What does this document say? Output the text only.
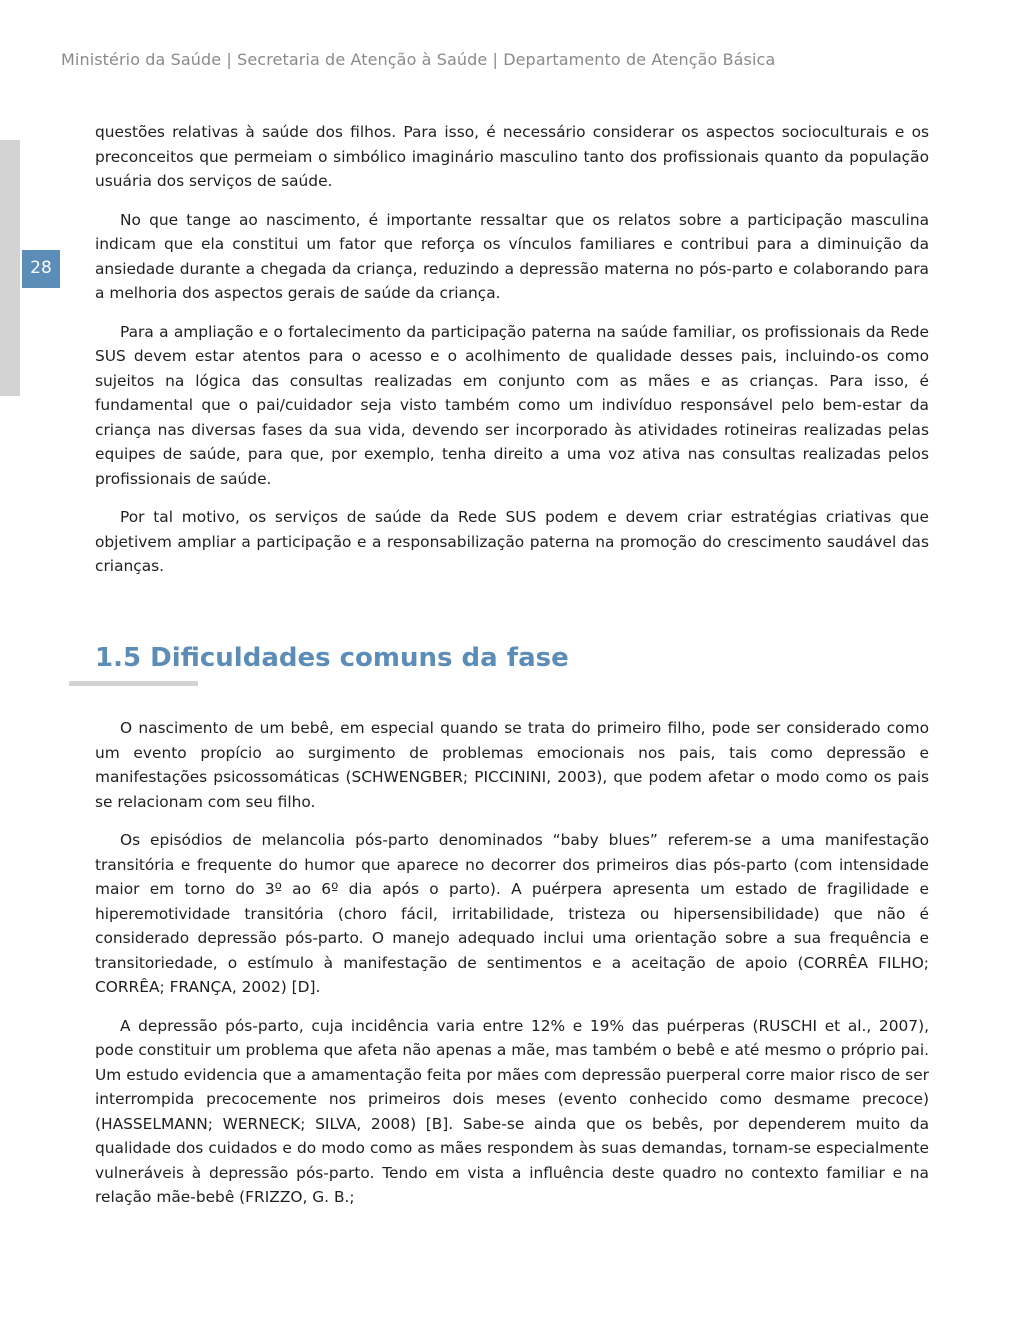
Ministério da Saúde | Secretaria de Atenção à Saúde | Departamento de Atenção Básica
28

questões relativas à saúde dos filhos. Para isso, é necessário considerar os aspectos socioculturais e os preconceitos que permeiam o simbólico imaginário masculino tanto dos profissionais quanto da população usuária dos serviços de saúde.

No que tange ao nascimento, é importante ressaltar que os relatos sobre a participação masculina indicam que ela constitui um fator que reforça os vínculos familiares e contribui para a diminuição da ansiedade durante a chegada da criança, reduzindo a depressão materna no pós-parto e colaborando para a melhoria dos aspectos gerais de saúde da criança.

Para a ampliação e o fortalecimento da participação paterna na saúde familiar, os profissionais da Rede SUS devem estar atentos para o acesso e o acolhimento de qualidade desses pais, incluindo-os como sujeitos na lógica das consultas realizadas em conjunto com as mães e as crianças. Para isso, é fundamental que o pai/cuidador seja visto também como um indivíduo responsável pelo bem-estar da criança nas diversas fases da sua vida, devendo ser incorporado às atividades rotineiras realizadas pelas equipes de saúde, para que, por exemplo, tenha direito a uma voz ativa nas consultas realizadas pelos profissionais de saúde.

Por tal motivo, os serviços de saúde da Rede SUS podem e devem criar estratégias criativas que objetivem ampliar a participação e a responsabilização paterna na promoção do crescimento saudável das crianças.

1.5 Dificuldades comuns da fase

O nascimento de um bebê, em especial quando se trata do primeiro filho, pode ser considerado como um evento propício ao surgimento de problemas emocionais nos pais, tais como depressão e manifestações psicossomáticas (SCHWENGBER; PICCININI, 2003), que podem afetar o modo como os pais se relacionam com seu filho.

Os episódios de melancolia pós-parto denominados “baby blues” referem-se a uma manifestação transitória e frequente do humor que aparece no decorrer dos primeiros dias pós-parto (com intensidade maior em torno do 3º ao 6º dia após o parto). A puérpera apresenta um estado de fragilidade e hiperemotividade transitória (choro fácil, irritabilidade, tristeza ou hipersensibilidade) que não é considerado depressão pós-parto. O manejo adequado inclui uma orientação sobre a sua frequência e transitoriedade, o estímulo à manifestação de sentimentos e a aceitação de apoio (CORRÊA FILHO; CORRÊA; FRANÇA, 2002) [D].

A depressão pós-parto, cuja incidência varia entre 12% e 19% das puérperas (RUSCHI et al., 2007), pode constituir um problema que afeta não apenas a mãe, mas também o bebê e até mesmo o próprio pai. Um estudo evidencia que a amamentação feita por mães com depressão puerperal corre maior risco de ser interrompida precocemente nos primeiros dois meses (evento conhecido como desmame precoce) (HASSELMANN; WERNECK; SILVA, 2008) [B]. Sabe-se ainda que os bebês, por dependerem muito da qualidade dos cuidados e do modo como as mães respondem às suas demandas, tornam-se especialmente vulneráveis à depressão pós-parto. Tendo em vista a influência deste quadro no contexto familiar e na relação mãe-bebê (FRIZZO, G. B.;
